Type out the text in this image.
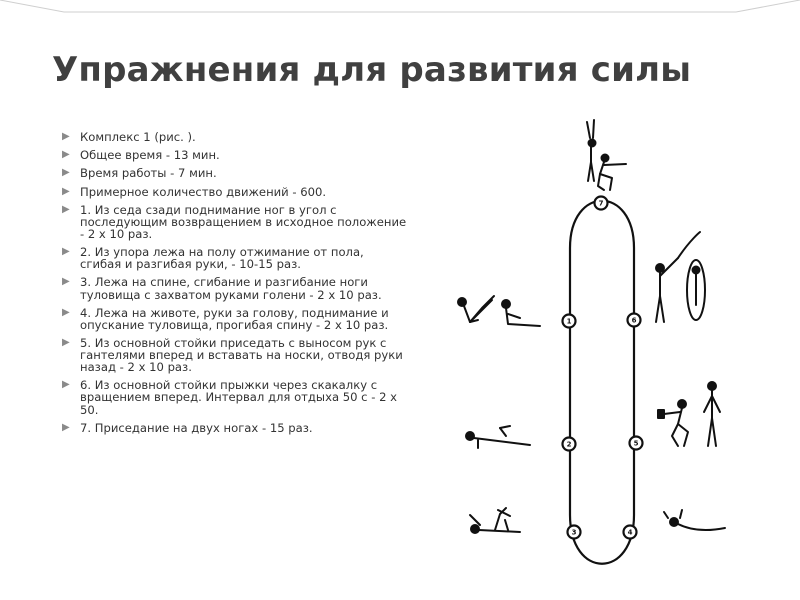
Упражнения для развития силы
▶ Комплекс 1 (рис. ).
▶ Общее время - 13 мин.
▶ Время работы - 7 мин.
▶ Примерное количество движений - 600.
▶ 1. Из седа сзади поднимание ног в угол с последующим возвращением в исходное положение - 2 х 10 раз.
▶ 2. Из упора лежа на полу отжимание от пола, сгибая и разгибая руки, - 10-15 раз.
▶ 3. Лежа на спине, сгибание и разгибание ноги туловища с захватом руками голени - 2 х 10 раз.
▶ 4. Лежа на животе, руки за голову, поднимание и опускание туловища, прогибая спину - 2 х 10 раз.
▶ 5. Из основной стойки приседать с выносом рук с гантелями вперед и вставать на носки, отводя руки назад - 2 х 10 раз.
▶ 6. Из основной стойки прыжки через скакалку с вращением вперед. Интервал для отдыха 50 с - 2 х 50.
▶ 7. Приседание на двух ногах - 15 раз.
7
1
2
3	4
5
6
